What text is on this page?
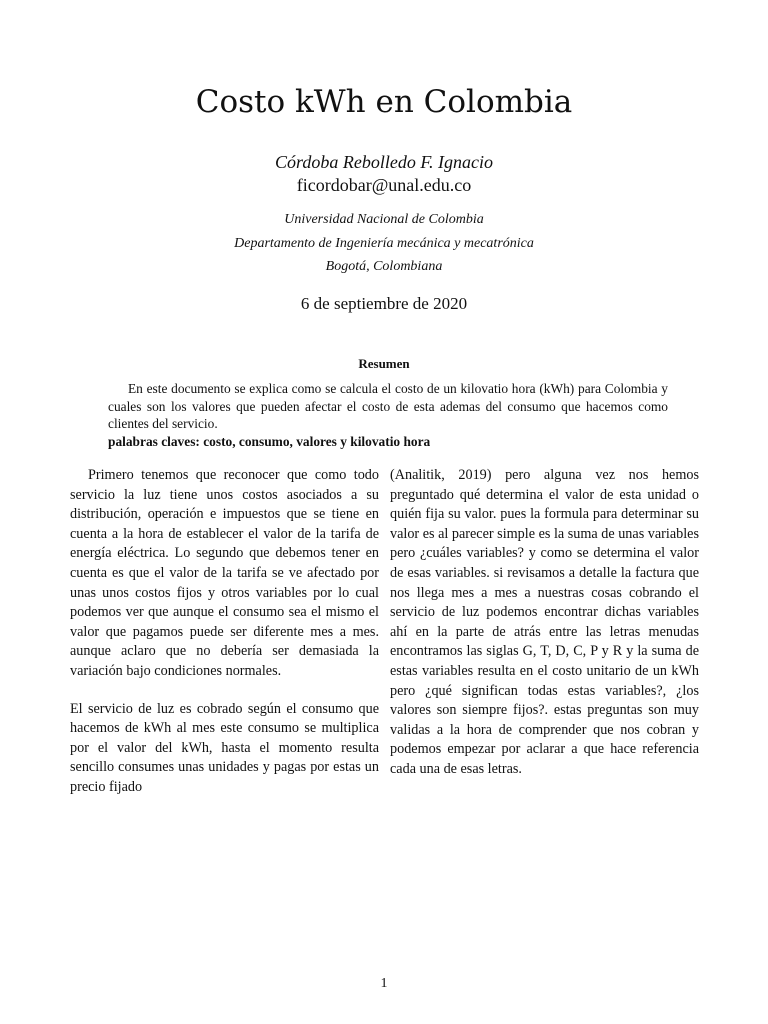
Costo kWh en Colombia
Córdoba Rebolledo F. Ignacio
ficordobar@unal.edu.co
Universidad Nacional de Colombia
Departamento de Ingeniería mecánica y mecatrónica
Bogotá, Colombiana
6 de septiembre de 2020
Resumen

En este documento se explica como se calcula el costo de un kilovatio hora (kWh) para Colombia y cuales son los valores que pueden afectar el costo de esta ademas del consumo que hacemos como clientes del servicio.

palabras claves: costo, consumo, valores y kilovatio hora

Primero tenemos que reconocer que como todo servicio la luz tiene unos costos asociados a su distribución, operación e impuestos que se tiene en cuenta a la hora de establecer el valor de la tarifa de energía eléctrica. Lo segundo que debemos tener en cuenta es que el valor de la tarifa se ve afectado por unas unos costos fijos y otros variables por lo cual podemos ver que aunque el consumo sea el mismo el valor que pagamos puede ser diferente mes a mes. aunque aclaro que no debería ser demasiada la variación bajo condiciones normales.

El servicio de luz es cobrado según el consumo que hacemos de kWh al mes este consumo se multiplica por el valor del kWh, hasta el momento resulta sencillo consumes unas unidades y pagas por estas un precio fijado

(Analitik, 2019) pero alguna vez nos hemos preguntado qué determina el valor de esta unidad o quién fija su valor. pues la formula para determinar su valor es al parecer simple es la suma de unas variables pero ¿cuáles variables? y como se determina el valor de esas variables. si revisamos a detalle la factura que nos llega mes a mes a nuestras cosas cobrando el servicio de luz podemos encontrar dichas variables ahí en la parte de atrás entre las letras menudas encontramos las siglas G, T, D, C, P y R y la suma de estas variables resulta en el costo unitario de un kWh pero ¿qué significan todas estas variables?, ¿los valores son siempre fijos?. estas preguntas son muy validas a la hora de comprender que nos cobran y podemos empezar por aclarar a que hace referencia cada una de esas letras.

1
